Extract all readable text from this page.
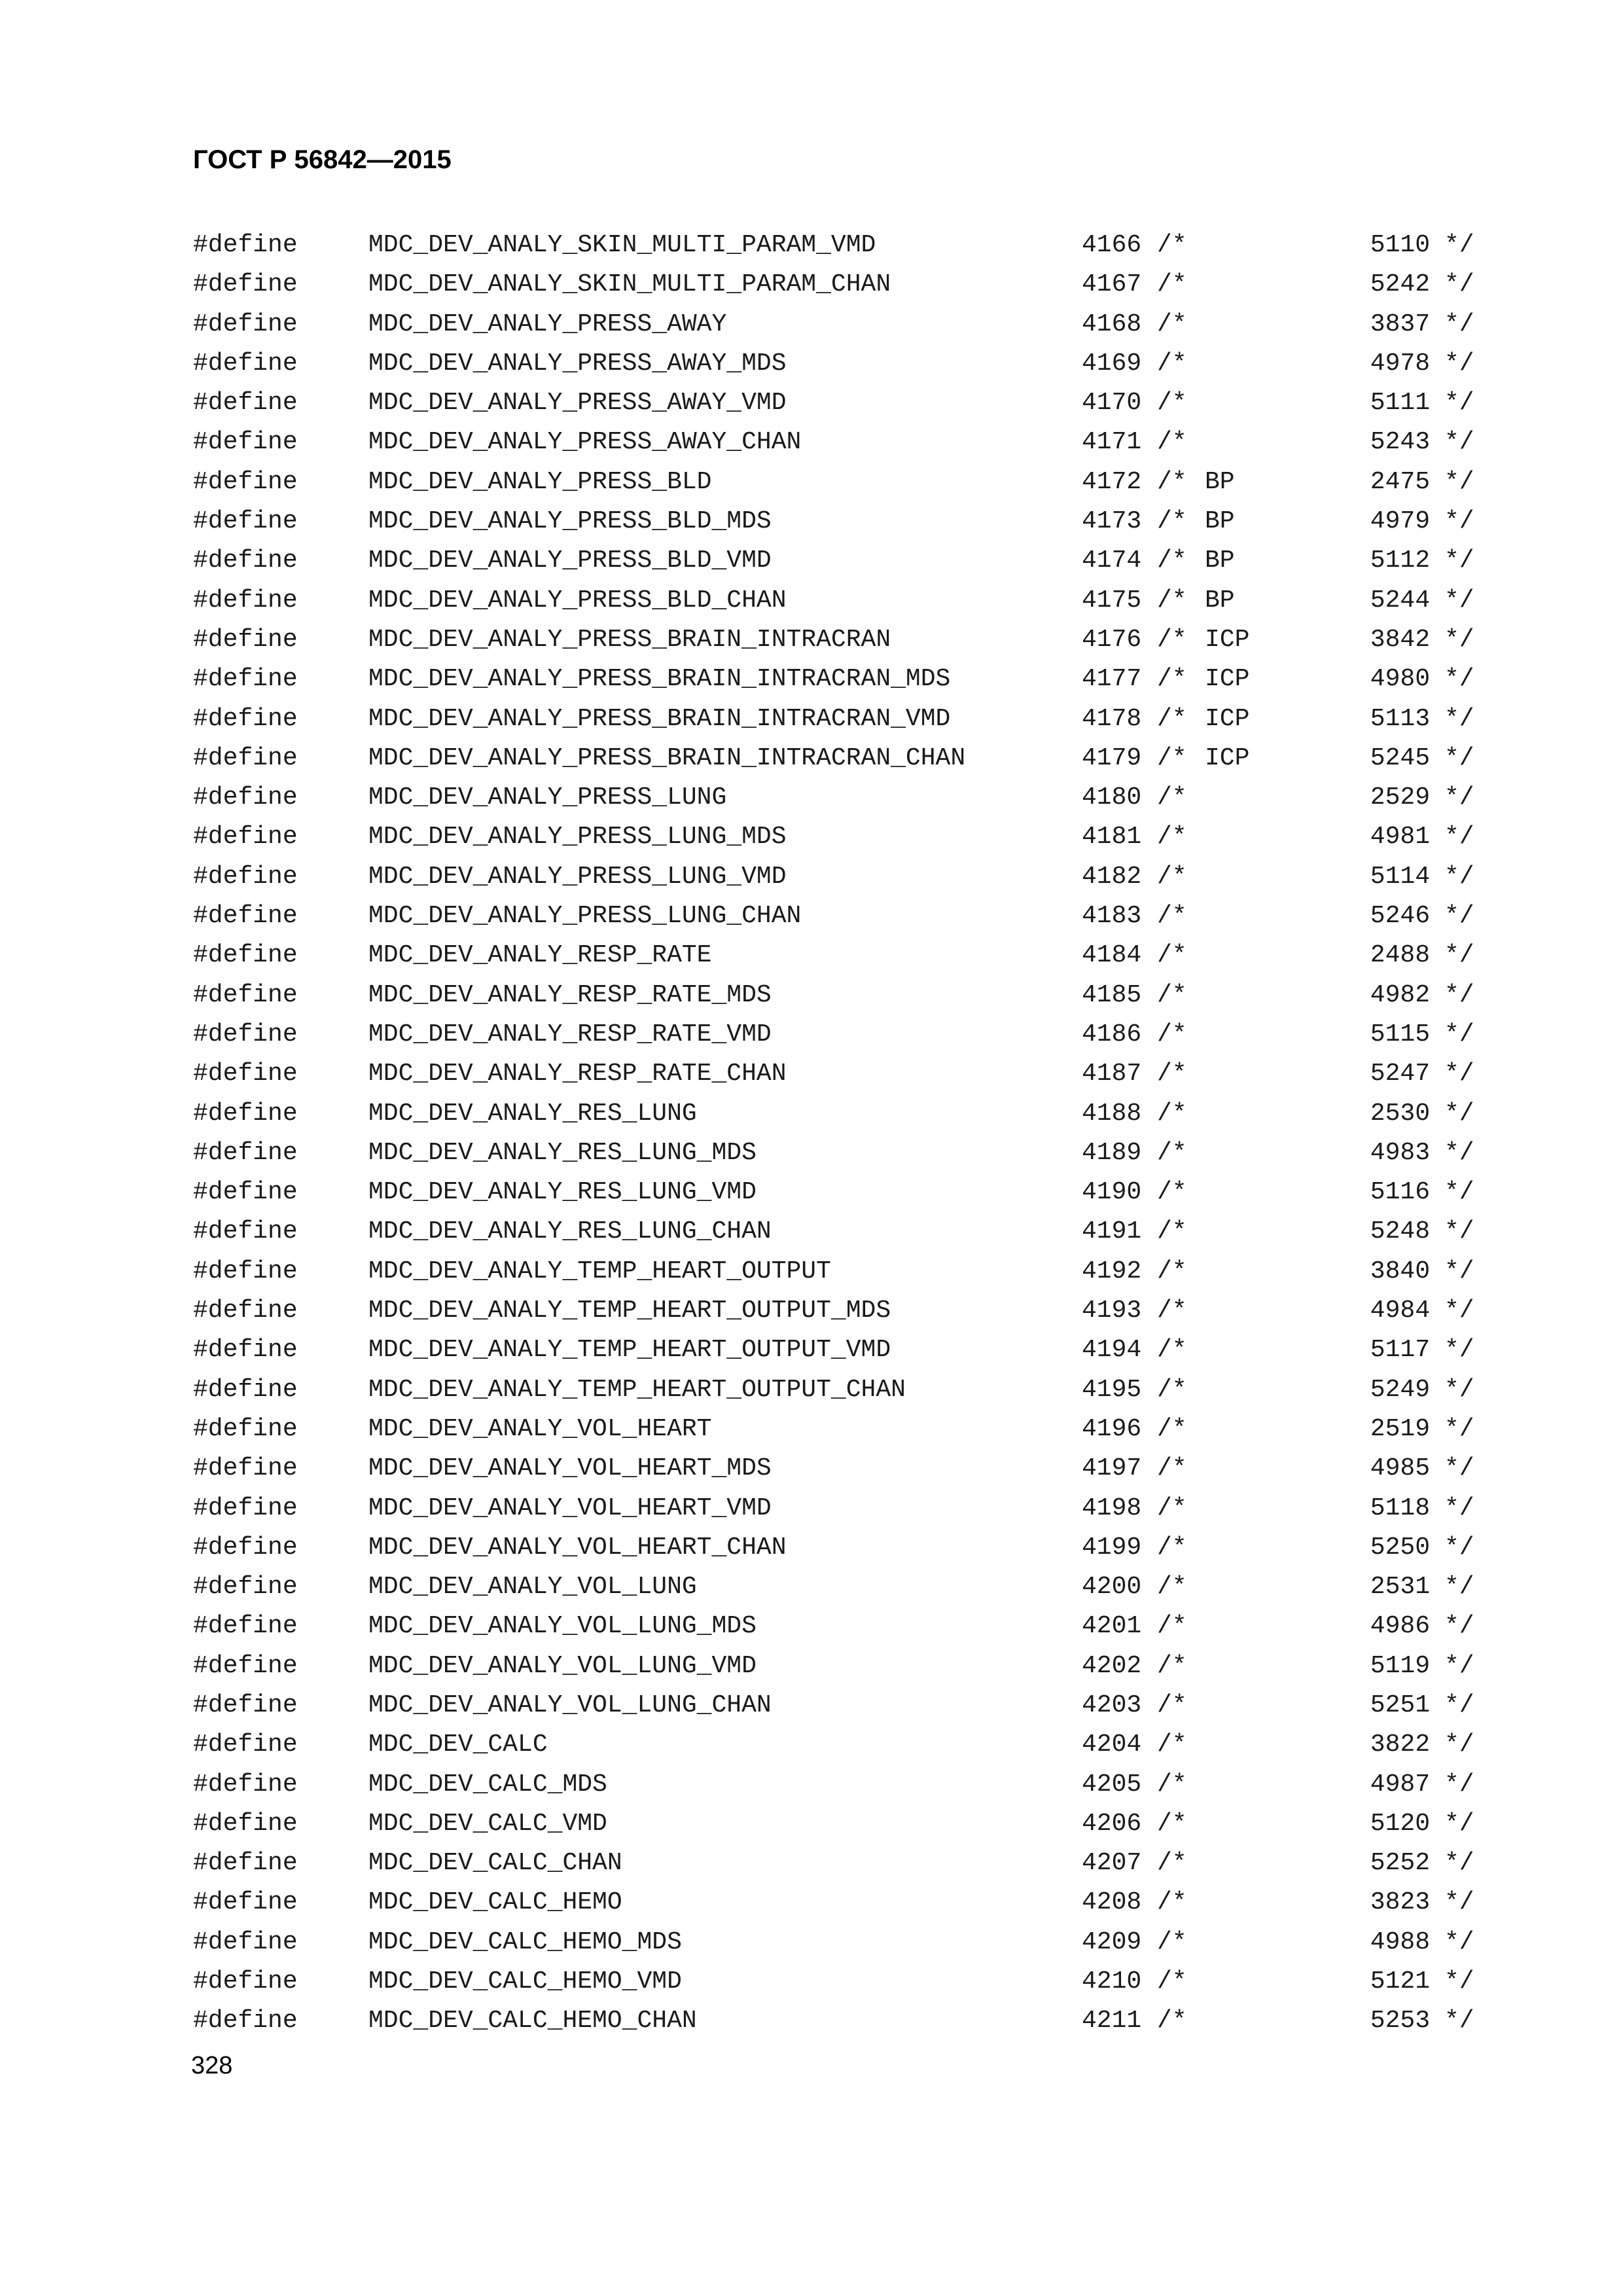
ГОСТ Р 56842—2015
#define	MDC_DEV_ANALY_SKIN_MULTI_PARAM_VMD	4166 /*	5110 */
#define	MDC_DEV_ANALY_SKIN_MULTI_PARAM_CHAN	4167 /*	5242 */
#define	MDC_DEV_ANALY_PRESS_AWAY	4168 /*	3837 */
#define	MDC_DEV_ANALY_PRESS_AWAY_MDS	4169 /*	4978 */
#define	MDC_DEV_ANALY_PRESS_AWAY_VMD	4170 /*	5111 */
#define	MDC_DEV_ANALY_PRESS_AWAY_CHAN	4171 /*	5243 */
#define	MDC_DEV_ANALY_PRESS_BLD	4172 /* BP	2475 */
#define	MDC_DEV_ANALY_PRESS_BLD_MDS	4173 /* BP	4979 */
#define	MDC_DEV_ANALY_PRESS_BLD_VMD	4174 /* BP	5112 */
#define	MDC_DEV_ANALY_PRESS_BLD_CHAN	4175 /* BP	5244 */
#define	MDC_DEV_ANALY_PRESS_BRAIN_INTRACRAN	4176 /* ICP	3842 */
#define	MDC_DEV_ANALY_PRESS_BRAIN_INTRACRAN_MDS	4177 /* ICP	4980 */
#define	MDC_DEV_ANALY_PRESS_BRAIN_INTRACRAN_VMD	4178 /* ICP	5113 */
#define	MDC_DEV_ANALY_PRESS_BRAIN_INTRACRAN_CHAN	4179 /* ICP	5245 */
#define	MDC_DEV_ANALY_PRESS_LUNG	4180 /*	2529 */
#define	MDC_DEV_ANALY_PRESS_LUNG_MDS	4181 /*	4981 */
#define	MDC_DEV_ANALY_PRESS_LUNG_VMD	4182 /*	5114 */
#define	MDC_DEV_ANALY_PRESS_LUNG_CHAN	4183 /*	5246 */
#define	MDC_DEV_ANALY_RESP_RATE	4184 /*	2488 */
#define	MDC_DEV_ANALY_RESP_RATE_MDS	4185 /*	4982 */
#define	MDC_DEV_ANALY_RESP_RATE_VMD	4186 /*	5115 */
#define	MDC_DEV_ANALY_RESP_RATE_CHAN	4187 /*	5247 */
#define	MDC_DEV_ANALY_RES_LUNG	4188 /*	2530 */
#define	MDC_DEV_ANALY_RES_LUNG_MDS	4189 /*	4983 */
#define	MDC_DEV_ANALY_RES_LUNG_VMD	4190 /*	5116 */
#define	MDC_DEV_ANALY_RES_LUNG_CHAN	4191 /*	5248 */
#define	MDC_DEV_ANALY_TEMP_HEART_OUTPUT	4192 /*	3840 */
#define	MDC_DEV_ANALY_TEMP_HEART_OUTPUT_MDS	4193 /*	4984 */
#define	MDC_DEV_ANALY_TEMP_HEART_OUTPUT_VMD	4194 /*	5117 */
#define	MDC_DEV_ANALY_TEMP_HEART_OUTPUT_CHAN	4195 /*	5249 */
#define	MDC_DEV_ANALY_VOL_HEART	4196 /*	2519 */
#define	MDC_DEV_ANALY_VOL_HEART_MDS	4197 /*	4985 */
#define	MDC_DEV_ANALY_VOL_HEART_VMD	4198 /*	5118 */
#define	MDC_DEV_ANALY_VOL_HEART_CHAN	4199 /*	5250 */
#define	MDC_DEV_ANALY_VOL_LUNG	4200 /*	2531 */
#define	MDC_DEV_ANALY_VOL_LUNG_MDS	4201 /*	4986 */
#define	MDC_DEV_ANALY_VOL_LUNG_VMD	4202 /*	5119 */
#define	MDC_DEV_ANALY_VOL_LUNG_CHAN	4203 /*	5251 */
#define	MDC_DEV_CALC	4204 /*	3822 */
#define	MDC_DEV_CALC_MDS	4205 /*	4987 */
#define	MDC_DEV_CALC_VMD	4206 /*	5120 */
#define	MDC_DEV_CALC_CHAN	4207 /*	5252 */
#define	MDC_DEV_CALC_HEMO	4208 /*	3823 */
#define	MDC_DEV_CALC_HEMO_MDS	4209 /*	4988 */
#define	MDC_DEV_CALC_HEMO_VMD	4210 /*	5121 */
#define	MDC_DEV_CALC_HEMO_CHAN	4211 /*	5253 */
328
